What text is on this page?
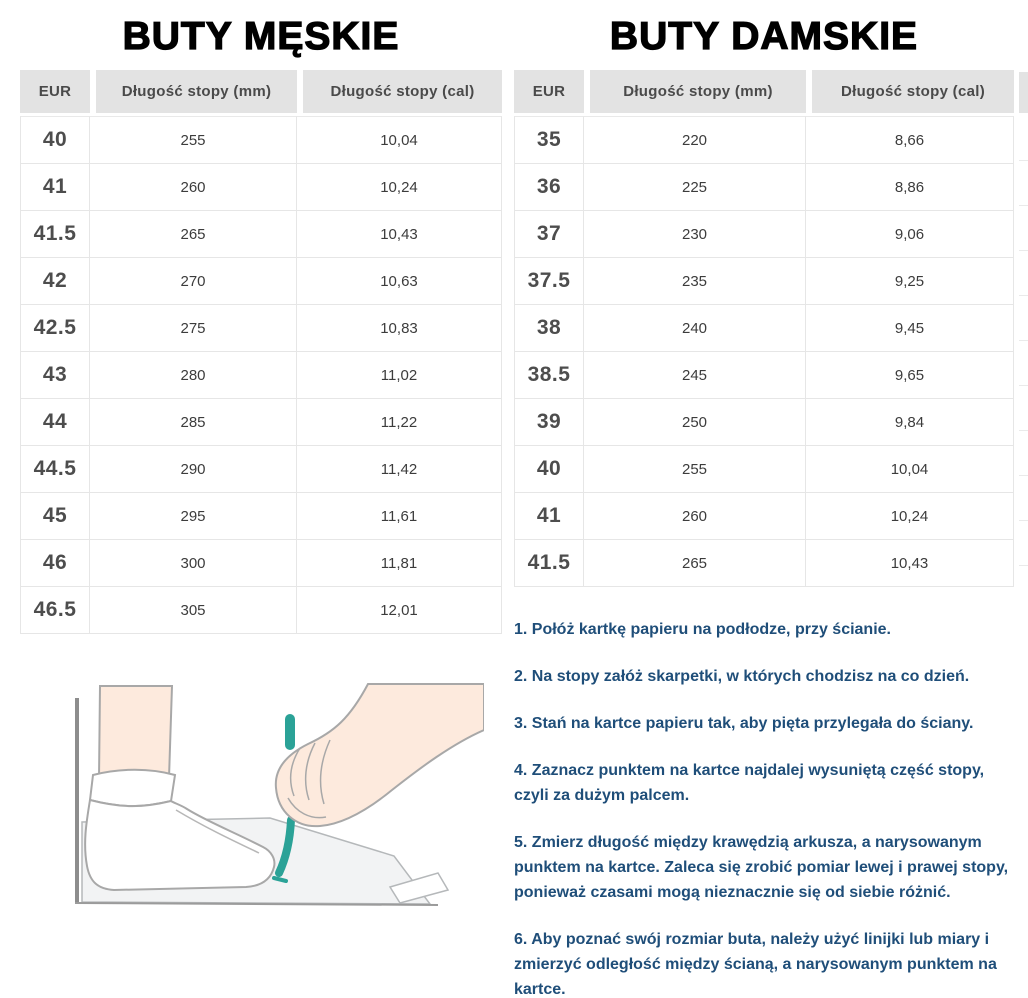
BUTY MĘSKIE
EUR	Długość stopy (mm)	Długość stopy (cal)
40	255	10,04
41	260	10,24
41.5	265	10,43
42	270	10,63
42.5	275	10,83
43	280	11,02
44	285	11,22
44.5	290	11,42
45	295	11,61
46	300	11,81
46.5	305	12,01
BUTY DAMSKIE
EUR	Długość stopy (mm)	Długość stopy (cal)
35	220	8,66
36	225	8,86
37	230	9,06
37.5	235	9,25
38	240	9,45
38.5	245	9,65
39	250	9,84
40	255	10,04
41	260	10,24
41.5	265	10,43

1. Połóż kartkę papieru na podłodze, przy ścianie.

2. Na stopy załóż skarpetki, w których chodzisz na co dzień.

3. Stań na kartce papieru tak, aby pięta przylegała do ściany.

4. Zaznacz punktem na kartce najdalej wysuniętą część stopy, czyli za dużym palcem.

5. Zmierz długość między krawędzią arkusza, a narysowanym punktem na kartce. Zaleca się zrobić pomiar lewej i prawej stopy, ponieważ czasami mogą nieznacznie się od siebie różnić.

6. Aby poznać swój rozmiar buta, należy użyć linijki lub miary i zmierzyć odległość między ścianą, a narysowanym punktem na kartce.
